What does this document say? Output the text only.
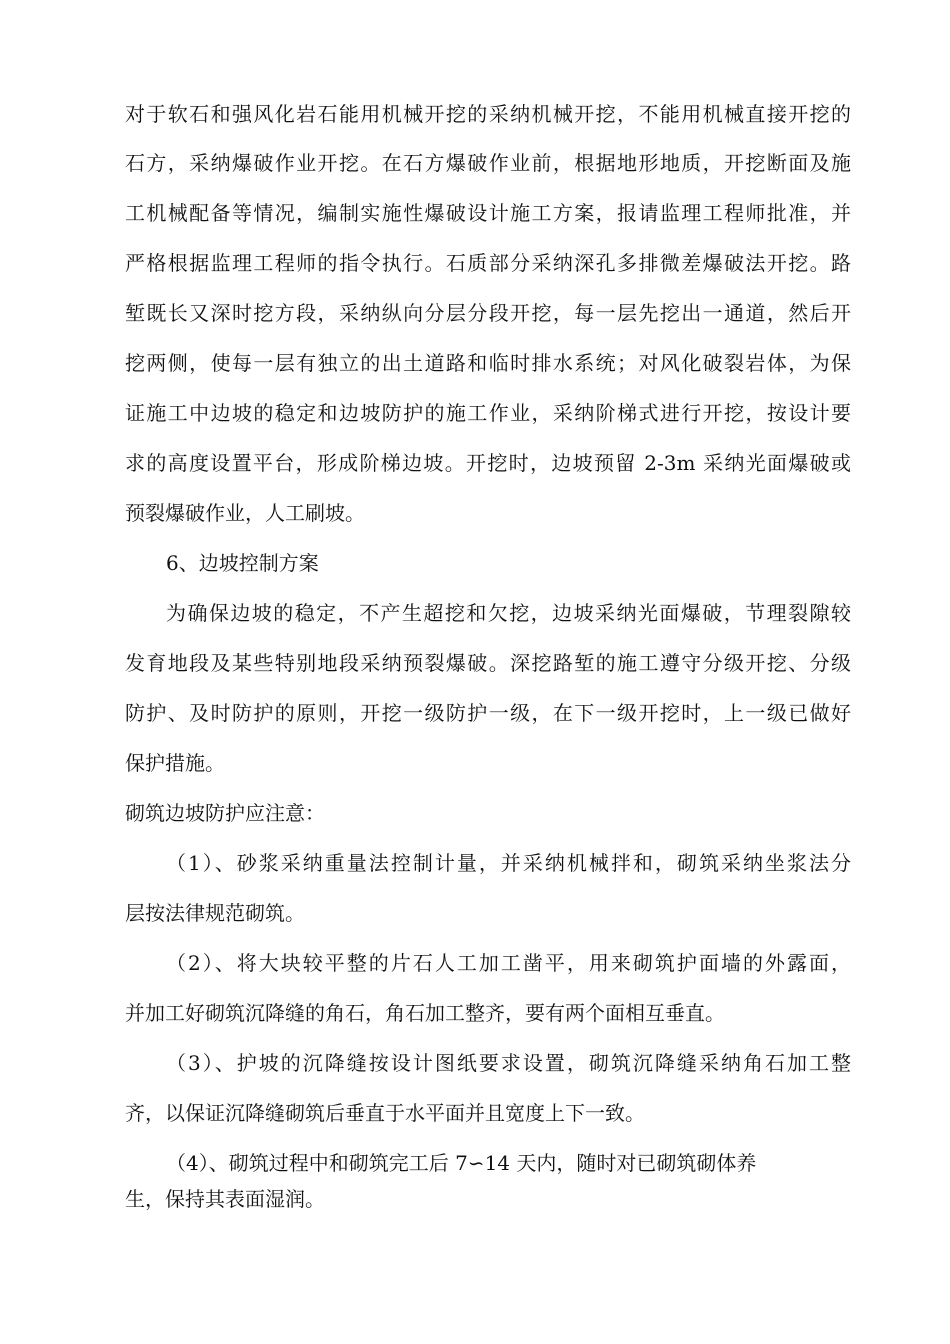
对于软石和强风化岩石能用机械开挖的采纳机械开挖，不能用机械直接开挖的
石方，采纳爆破作业开挖。在石方爆破作业前，根据地形地质，开挖断面及施
工机械配备等情况，编制实施性爆破设计施工方案，报请监理工程师批准，并
严格根据监理工程师的指令执行。石质部分采纳深孔多排微差爆破法开挖。路
堑既长又深时挖方段，采纳纵向分层分段开挖，每一层先挖出一通道，然后开
挖两侧，使每一层有独立的出土道路和临时排水系统；对风化破裂岩体，为保
证施工中边坡的稳定和边坡防护的施工作业，采纳阶梯式进行开挖，按设计要
求的高度设置平台，形成阶梯边坡。开挖时，边坡预留 2-3m 采纳光面爆破或
预裂爆破作业，人工刷坡。
6、边坡控制方案
为确保边坡的稳定，不产生超挖和欠挖，边坡采纳光面爆破，节理裂隙较
发育地段及某些特别地段采纳预裂爆破。深挖路堑的施工遵守分级开挖、分级
防护、及时防护的原则，开挖一级防护一级，在下一级开挖时，上一级已做好
保护措施。
砌筑边坡防护应注意：
（1）、砂浆采纳重量法控制计量，并采纳机械拌和，砌筑采纳坐浆法分
层按法律规范砌筑。
（2）、将大块较平整的片石人工加工凿平，用来砌筑护面墙的外露面，
并加工好砌筑沉降缝的角石，角石加工整齐，要有两个面相互垂直。
（3）、护坡的沉降缝按设计图纸要求设置，砌筑沉降缝采纳角石加工整
齐，以保证沉降缝砌筑后垂直于水平面并且宽度上下一致。
（4）、砌筑过程中和砌筑完工后 7∽14 天内，随时对已砌筑砌体养
生，保持其表面湿润。
